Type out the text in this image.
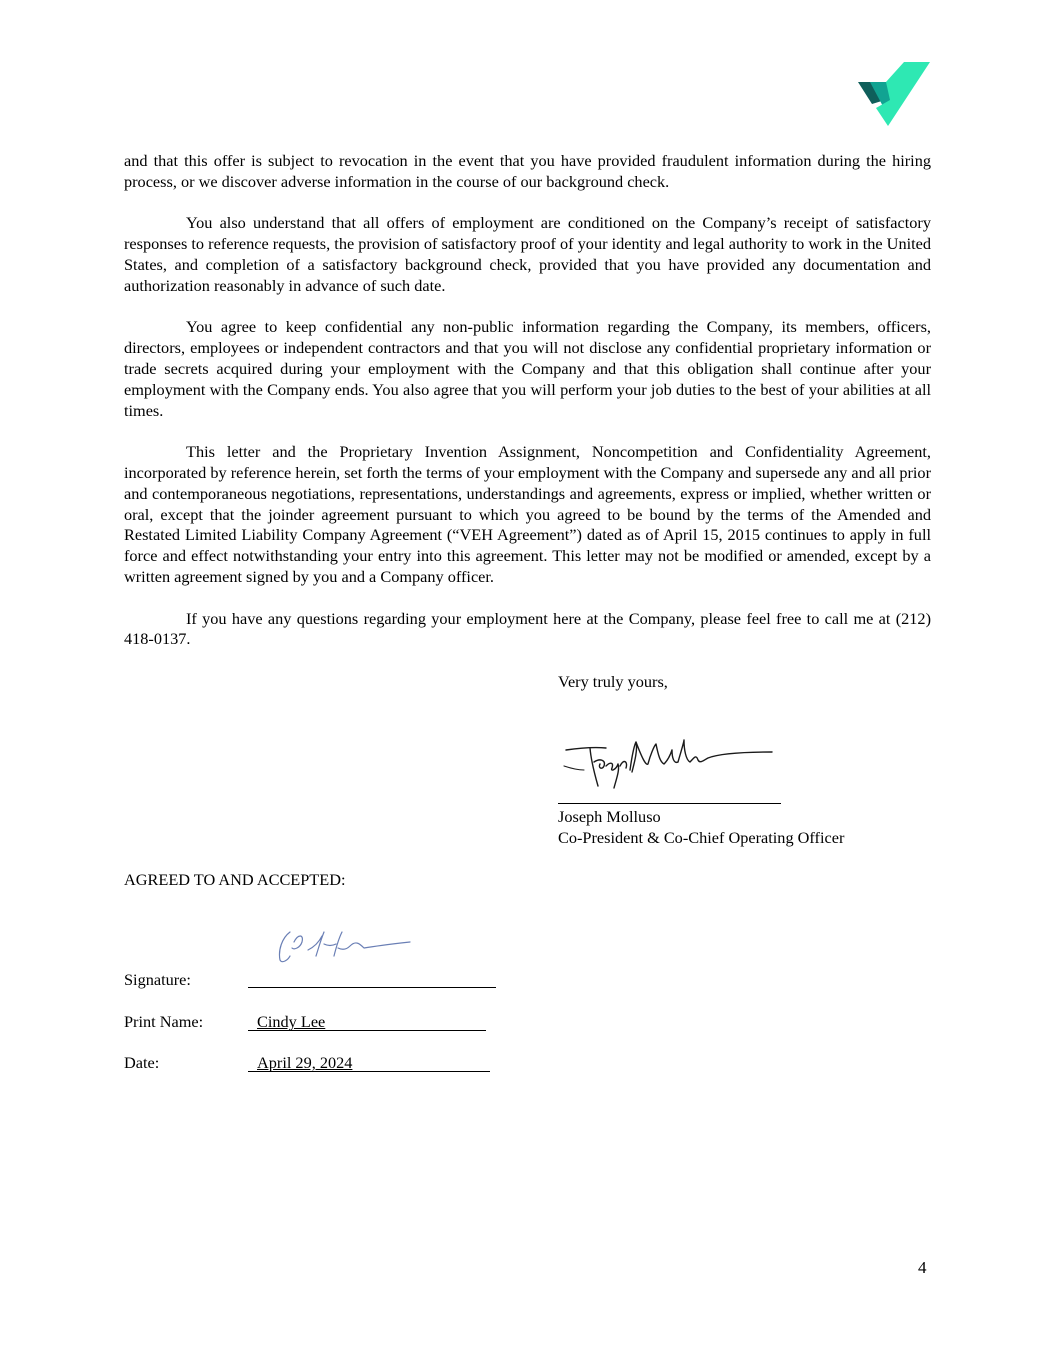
and that this offer is subject to revocation in the event that you have provided fraudulent information during the hiring process, or we discover adverse information in the course of our background check.

You also understand that all offers of employment are conditioned on the Company’s receipt of satisfactory responses to reference requests, the provision of satisfactory proof of your identity and legal authority to work in the United States, and completion of a satisfactory background check, provided that you have provided any documentation and authorization reasonably in advance of such date.

You agree to keep confidential any non-public information regarding the Company, its members, officers, directors, employees or independent contractors and that you will not disclose any confidential proprietary information or trade secrets acquired during your employment with the Company and that this obligation shall continue after your employment with the Company ends. You also agree that you will perform your job duties to the best of your abilities at all times.

This letter and the Proprietary Invention Assignment, Noncompetition and Confidentiality Agreement, incorporated by reference herein, set forth the terms of your employment with the Company and supersede any and all prior and contemporaneous negotiations, representations, understandings and agreements, express or implied, whether written or oral, except that the joinder agreement pursuant to which you agreed to be bound by the terms of the Amended and Restated Limited Liability Company Agreement (“VEH Agreement”) dated as of April 15, 2015 continues to apply in full force and effect notwithstanding your entry into this agreement. This letter may not be modified or amended, except by a written agreement signed by you and a Company officer.

If you have any questions regarding your employment here at the Company, please feel free to call me at (212) 418-0137.

Very truly yours,
Joseph Molluso
Co-President & Co-Chief Operating Officer
AGREED TO AND ACCEPTED:
Signature:
Print Name:	Cindy Lee
Date:	April 29, 2024
4
